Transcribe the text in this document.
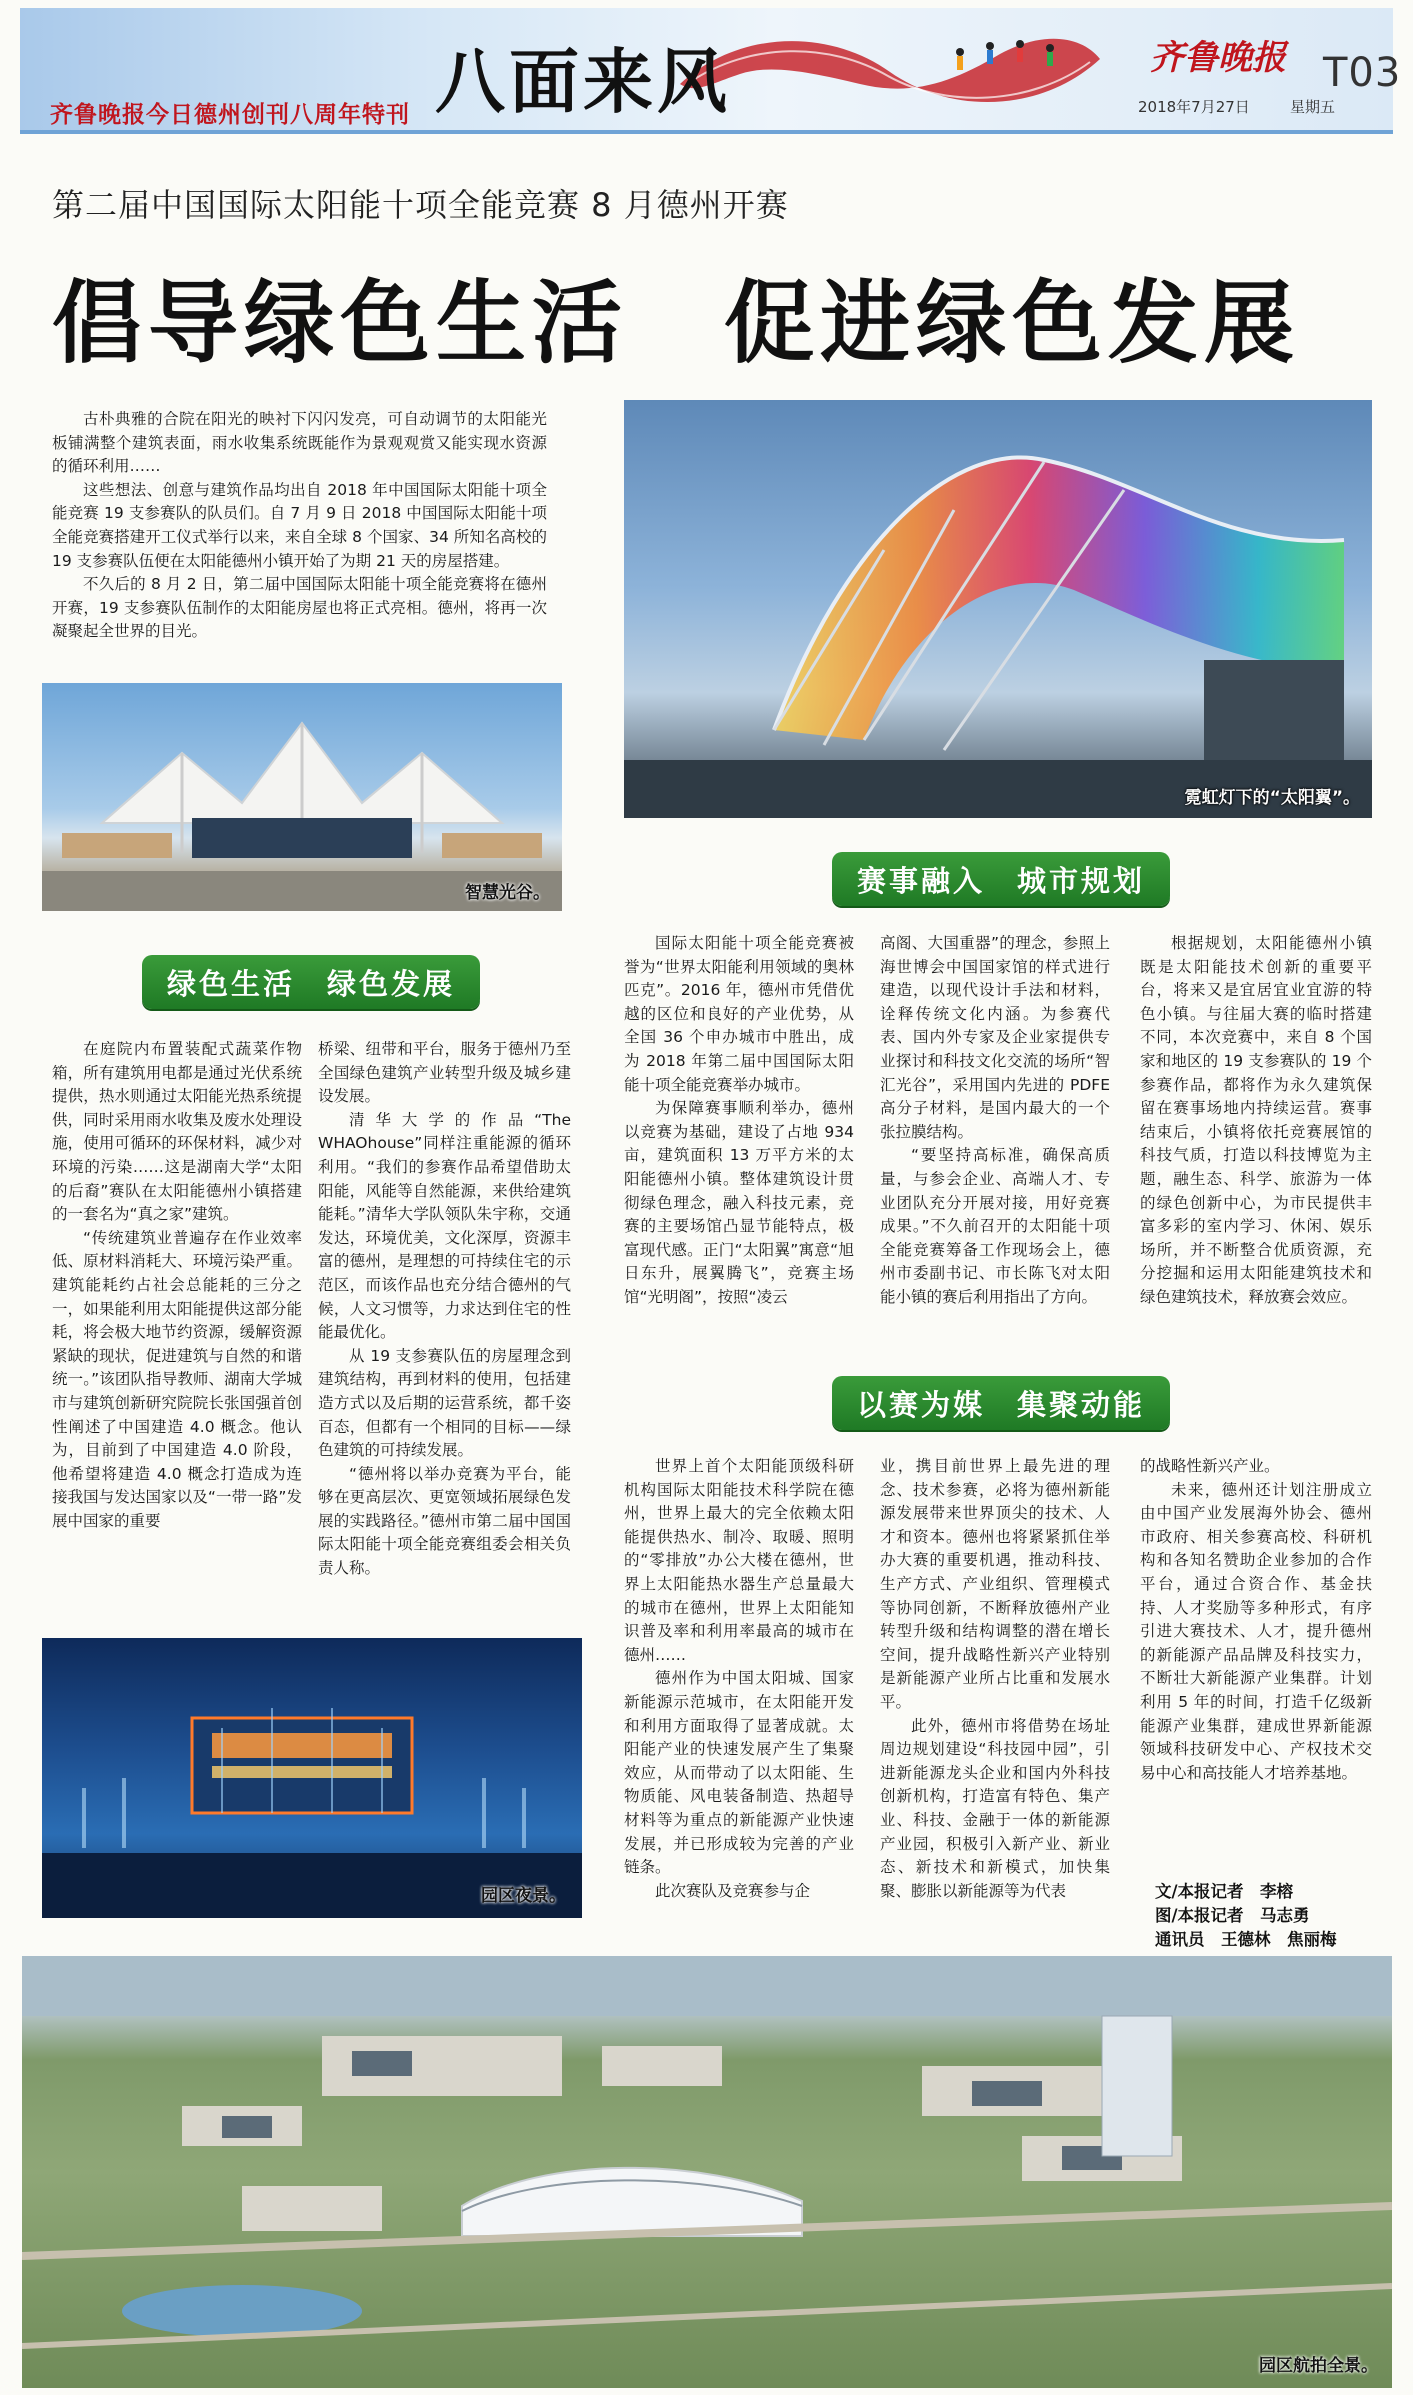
八面来风
齐鲁晚报今日德州创刊八周年特刊
齐鲁晚报 T03
2018年7月27日	星期五
第二届中国国际太阳能十项全能竞赛 8 月德州开赛
倡导绿色生活　促进绿色发展

古朴典雅的合院在阳光的映衬下闪闪发亮，可自动调节的太阳能光板铺满整个建筑表面，雨水收集系统既能作为景观观赏又能实现水资源的循环利用……

这些想法、创意与建筑作品均出自 2018 年中国国际太阳能十项全能竞赛 19 支参赛队的队员们。自 7 月 9 日 2018 中国国际太阳能十项全能竞赛搭建开工仪式举行以来，来自全球 8 个国家、34 所知名高校的 19 支参赛队伍便在太阳能德州小镇开始了为期 21 天的房屋搭建。

不久后的 8 月 2 日，第二届中国国际太阳能十项全能竞赛将在德州开赛，19 支参赛队伍制作的太阳能房屋也将正式亮相。德州，将再一次凝聚起全世界的目光。

智慧光谷。
霓虹灯下的“太阳翼”。
绿色生活　绿色发展

在庭院内布置装配式蔬菜作物箱，所有建筑用电都是通过光伏系统提供，热水则通过太阳能光热系统提供，同时采用雨水收集及废水处理设施，使用可循环的环保材料，减少对环境的污染……这是湖南大学“太阳的后裔”赛队在太阳能德州小镇搭建的一套名为“真之家”建筑。

“传统建筑业普遍存在作业效率低、原材料消耗大、环境污染严重。建筑能耗约占社会总能耗的三分之一，如果能利用太阳能提供这部分能耗，将会极大地节约资源，缓解资源紧缺的现状，促进建筑与自然的和谐统一。”该团队指导教师、湖南大学城市与建筑创新研究院院长张国强首创性阐述了中国建造 4.0 概念。他认为，目前到了中国建造 4.0 阶段，他希望将建造 4.0 概念打造成为连接我国与发达国家以及“一带一路”发展中国家的重要

桥梁、纽带和平台，服务于德州乃至全国绿色建筑产业转型升级及城乡建设发展。

清华大学的作品“The WHAOhouse”同样注重能源的循环利用。“我们的参赛作品希望借助太阳能，风能等自然能源，来供给建筑能耗。”清华大学队领队朱宇称，交通发达，环境优美，文化深厚，资源丰富的德州，是理想的可持续住宅的示范区，而该作品也充分结合德州的气候，人文习惯等，力求达到住宅的性能最优化。

从 19 支参赛队伍的房屋理念到建筑结构，再到材料的使用，包括建造方式以及后期的运营系统，都千姿百态，但都有一个相同的目标——绿色建筑的可持续发展。

“德州将以举办竞赛为平台，能够在更高层次、更宽领域拓展绿色发展的实践路径。”德州市第二届中国国际太阳能十项全能竞赛组委会相关负责人称。

园区夜景。
赛事融入　城市规划

国际太阳能十项全能竞赛被誉为“世界太阳能利用领域的奥林匹克”。2016 年，德州市凭借优越的区位和良好的产业优势，从全国 36 个申办城市中胜出，成为 2018 年第二届中国国际太阳能十项全能竞赛举办城市。

为保障赛事顺利举办，德州以竞赛为基础，建设了占地 934 亩，建筑面积 13 万平方米的太阳能德州小镇。整体建筑设计贯彻绿色理念，融入科技元素，竞赛的主要场馆凸显节能特点，极富现代感。正门“太阳翼”寓意“旭日东升，展翼腾飞”，竞赛主场馆“光明阁”，按照“凌云

高阁、大国重器”的理念，参照上海世博会中国国家馆的样式进行建造，以现代设计手法和材料，诠释传统文化内涵。为参赛代表、国内外专家及企业家提供专业探讨和科技文化交流的场所“智汇光谷”，采用国内先进的 PDFE 高分子材料，是国内最大的一个张拉膜结构。

“要坚持高标准，确保高质量，与参会企业、高端人才、专业团队充分开展对接，用好竞赛成果。”不久前召开的太阳能十项全能竞赛筹备工作现场会上，德州市委副书记、市长陈飞对太阳能小镇的赛后利用指出了方向。

根据规划，太阳能德州小镇既是太阳能技术创新的重要平台，将来又是宜居宜业宜游的特色小镇。与往届大赛的临时搭建不同，本次竞赛中，来自 8 个国家和地区的 19 支参赛队的 19 个参赛作品，都将作为永久建筑保留在赛事场地内持续运营。赛事结束后，小镇将依托竞赛展馆的科技气质，打造以科技博览为主题，融生态、科学、旅游为一体的绿色创新中心，为市民提供丰富多彩的室内学习、休闲、娱乐场所，并不断整合优质资源，充分挖掘和运用太阳能建筑技术和绿色建筑技术，释放赛会效应。

以赛为媒　集聚动能

世界上首个太阳能顶级科研机构国际太阳能技术科学院在德州，世界上最大的完全依赖太阳能提供热水、制冷、取暖、照明的“零排放”办公大楼在德州，世界上太阳能热水器生产总量最大的城市在德州，世界上太阳能知识普及率和利用率最高的城市在德州……

德州作为中国太阳城、国家新能源示范城市，在太阳能开发和利用方面取得了显著成就。太阳能产业的快速发展产生了集聚效应，从而带动了以太阳能、生物质能、风电装备制造、热超导材料等为重点的新能源产业快速发展，并已形成较为完善的产业链条。

此次赛队及竞赛参与企

业，携目前世界上最先进的理念、技术参赛，必将为德州新能源发展带来世界顶尖的技术、人才和资本。德州也将紧紧抓住举办大赛的重要机遇，推动科技、生产方式、产业组织、管理模式等协同创新，不断释放德州产业转型升级和结构调整的潜在增长空间，提升战略性新兴产业特别是新能源产业所占比重和发展水平。

此外，德州市将借势在场址周边规划建设“科技园中园”，引进新能源龙头企业和国内外科技创新机构，打造富有特色、集产业、科技、金融于一体的新能源产业园，积极引入新产业、新业态、新技术和新模式，加快集聚、膨胀以新能源等为代表

的战略性新兴产业。

未来，德州还计划注册成立由中国产业发展海外协会、德州市政府、相关参赛高校、科研机构和各知名赞助企业参加的合作平台，通过合资合作、基金扶持、人才奖励等多种形式，有序引进大赛技术、人才，提升德州的新能源产品品牌及科技实力，不断壮大新能源产业集群。计划利用 5 年的时间，打造千亿级新能源产业集群，建成世界新能源领域科技研发中心、产权技术交易中心和高技能人才培养基地。

文/本报记者　李榕
图/本报记者　马志勇
通讯员　王德林　焦丽梅
园区航拍全景。
